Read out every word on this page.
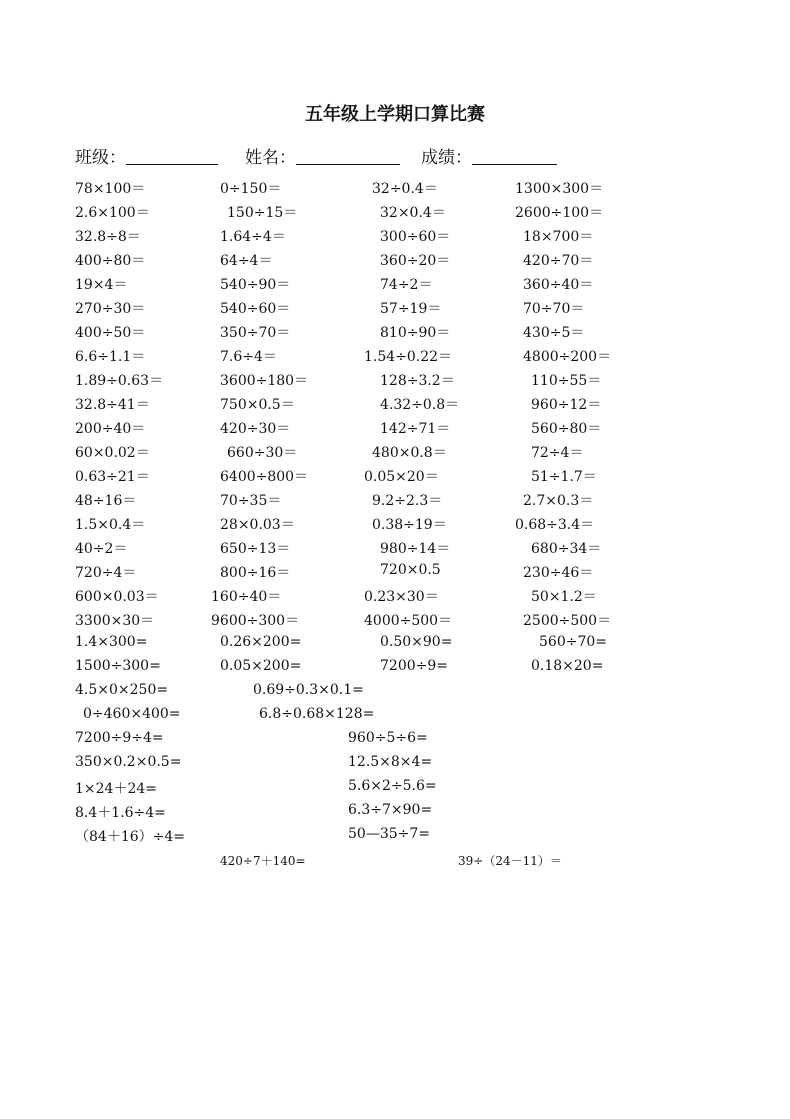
五年级上学期口算比赛
班级：	姓名：	成绩：
78×100＝	0÷150＝	32÷0.4＝	1300×300＝
2.6×100＝	150÷15＝	32×0.4＝	2600÷100＝
32.8÷8＝	1.64÷4＝	300÷60＝	18×700＝
400÷80＝	64÷4＝	360÷20＝	420÷70＝
19×4＝	540÷90＝	74÷2＝	360÷40＝
270÷30＝	540÷60＝	57÷19＝	70÷70＝
400÷50＝	350÷70＝	810÷90＝	430÷5＝
6.6÷1.1＝	7.6÷4＝	1.54÷0.22＝	4800÷200＝
1.89÷0.63＝	3600÷180＝	128÷3.2＝	110÷55＝
32.8÷41＝	750×0.5＝	4.32÷0.8＝	960÷12＝
200÷40＝	420÷30＝	142÷71＝	560÷80＝
60×0.02＝	660÷30＝	480×0.8＝	72÷4＝
0.63÷21＝	6400÷800＝	0.05×20＝	51÷1.7＝
48÷16＝	70÷35＝	9.2÷2.3＝	2.7×0.3＝
1.5×0.4＝	28×0.03＝	0.38÷19＝	0.68÷3.4＝
40÷2＝	650÷13＝	980÷14＝	680÷34＝
720÷4＝	800÷16＝	720×0.5	230÷46＝
600×0.03＝	160÷40＝	0.23×30＝	50×1.2＝
3300×30＝	9600÷300＝	4000÷500＝	2500÷500＝
1.4×300=	0.26×200=	0.50×90=	560÷70=
1500÷300=	0.05×200=	7200÷9=	0.18×20=
4.5×0×250=	0.69÷0.3×0.1=
0÷460×400=	6.8÷0.68×128=
7200÷9÷4=	960÷5÷6=
350×0.2×0.5=	12.5×8×4=
1×24＋24=	5.6×2÷5.6=
8.4＋1.6÷4=	6.3÷7×90=
（84＋16）÷4=	50—35÷7=
420÷7＋140=	39÷（24－11）＝
